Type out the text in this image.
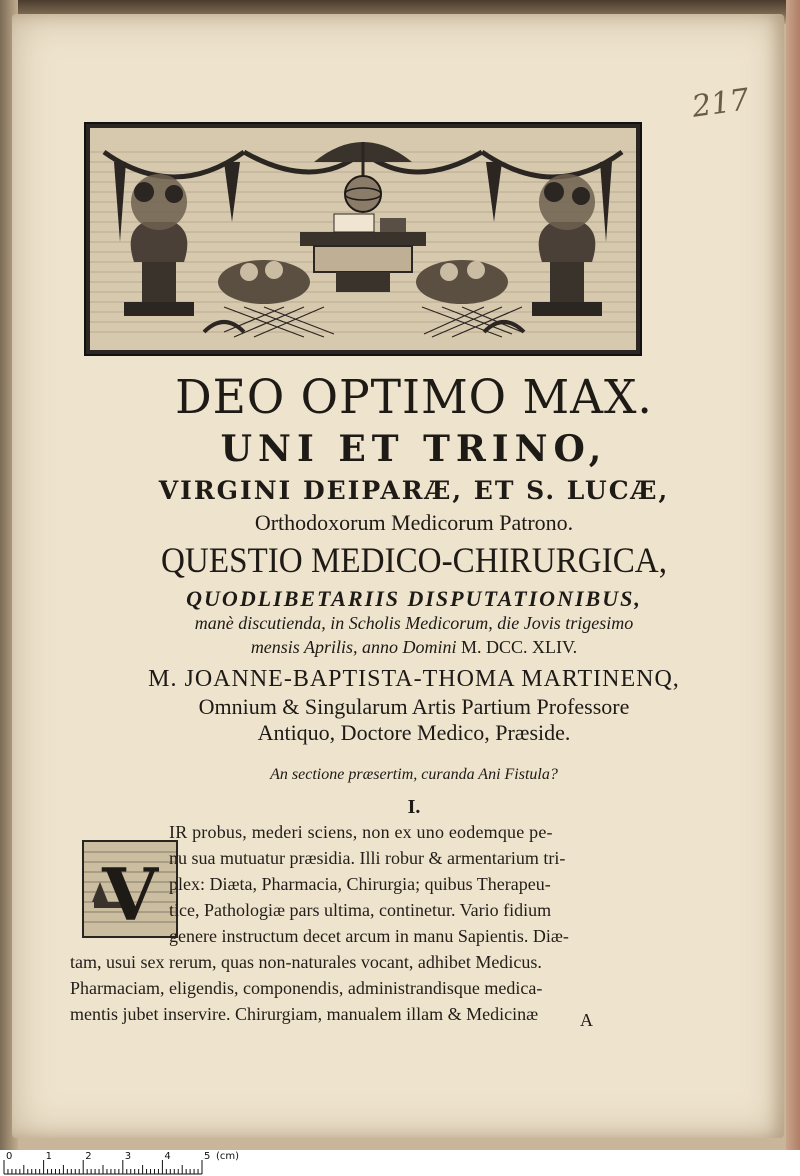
217
DEO OPTIMO MAX.
UNI ET TRINO,
VIRGINI DEIPARÆ, ET S. LUCÆ,
Orthodoxorum Medicorum Patrono.
QUESTIO MEDICO-CHIRURGICA,
QUODLIBETARIIS DISPUTATIONIBUS,
manè discutienda, in Scholis Medicorum, die Jovis trigesimo
mensis Aprilis, anno Domini M. DCC. XLIV.
M. JOANNE-BAPTISTA-THOMA MARTINENQ,
Omnium & Singularum Artis Partium Professore
Antiquo, Doctore Medico, Præside.
An sectione præsertim, curanda Ani Fistula?
I.
V
IR probus, mederi sciens, non ex uno eodemque pe-
nu sua mutuatur præsidia. Illi robur & armentarium tri-
plex: Diæta, Pharmacia, Chirurgia; quibus Therapeu-
tice, Pathologiæ pars ultima, continetur. Vario fidium
genere instructum decet arcum in manu Sapientis. Diæ-
tam, usui sex rerum, quas non-naturales vocant, adhibet Medicus.
Pharmaciam, eligendis, componendis, administrandisque medica-
mentis jubet inservire. Chirurgiam, manualem illam & Medicinæ	A
0	1	2	3	4	5 (cm)
